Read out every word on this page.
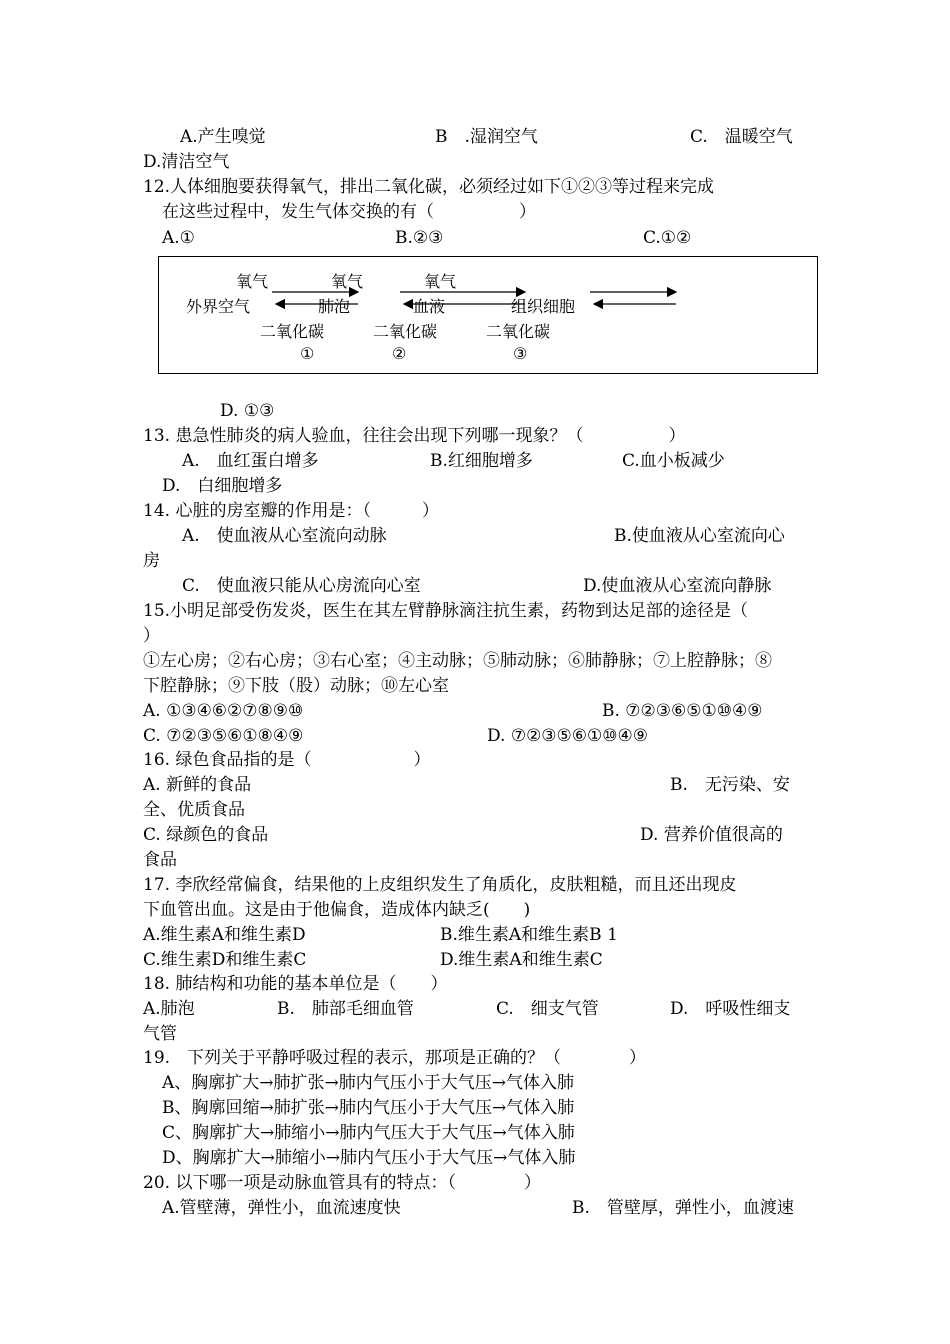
A.产生嗅觉	B　.湿润空气	C.　温暖空气
D.清洁空气
12.人体细胞要获得氧气，排出二氧化碳，必须经过如下①②③等过程来完成
在这些过程中，发生气体交换的有（　　　　　）
A.①	B.②③	C.①②
氧气	氧气	氧气
外界空气	肺泡	血液	组织细胞
二氧化碳	二氧化碳	二氧化碳
①	②	③
D. ①③
13. 患急性肺炎的病人验血，往往会出现下列哪一现象？（　　　　　）
A.　血红蛋白增多	B.红细胞增多	C.血小板减少
D.　白细胞增多
14. 心脏的房室瓣的作用是：（　　　）
A.　使血液从心室流向动脉	B.使血液从心室流向心
房
C.　使血液只能从心房流向心室	D.使血液从心室流向静脉
15.小明足部受伤发炎，医生在其左臂静脉滴注抗生素，药物到达足部的途径是（
）
①左心房；②右心房；③右心室；④主动脉；⑤肺动脉；⑥肺静脉；⑦上腔静脉；⑧
下腔静脉；⑨下肢（股）动脉；⑩左心室
A. ①③④⑥②⑦⑧⑨⑩	B. ⑦②③⑥⑤①⑩④⑨
C. ⑦②③⑤⑥①⑧④⑨	D. ⑦②③⑤⑥①⑩④⑨
16. 绿色食品指的是（　　　　　　）
A. 新鲜的食品	B.　无污染、安
全、优质食品
C. 绿颜色的食品	D. 营养价值很高的
食品
17. 李欣经常偏食，结果他的上皮组织发生了角质化，皮肤粗糙，而且还出现皮
下血管出血。这是由于他偏食，造成体内缺乏(　　)
A.维生素A和维生素D	B.维生素A和维生素B 1
C.维生素D和维生素C	D.维生素A和维生素C
18. 肺结构和功能的基本单位是（　　）
A.肺泡	B.　肺部毛细血管	C.　细支气管	D.　呼吸性细支
气管
19.　下列关于平静呼吸过程的表示，那项是正确的？（　　　　）
A、胸廓扩大→肺扩张→肺内气压小于大气压→气体入肺
B、胸廓回缩→肺扩张→肺内气压小于大气压→气体入肺
C、胸廓扩大→肺缩小→肺内气压大于大气压→气体入肺
D、胸廓扩大→肺缩小→肺内气压小于大气压→气体入肺
20. 以下哪一项是动脉血管具有的特点：（　　　　）
A.管壁薄，弹性小，血流速度快	B.　管壁厚，弹性小，血渡速
